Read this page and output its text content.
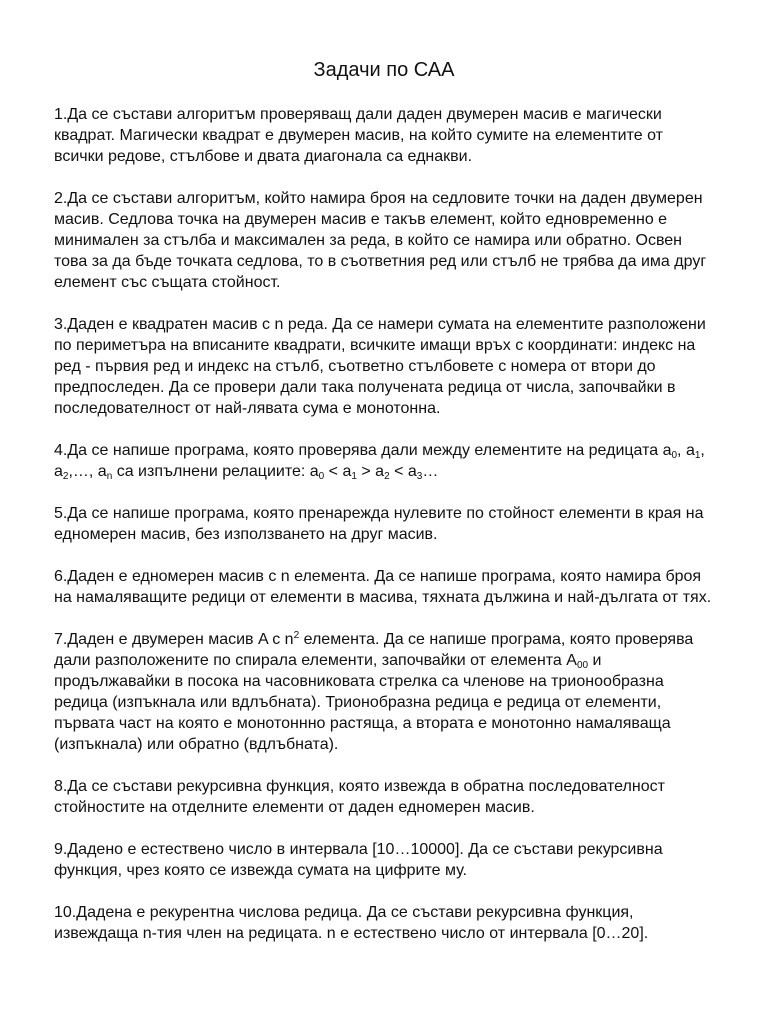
Задачи по САА

1.Да се състави алгоритъм проверяващ дали даден двумерен масив е магически квадрат. Магически квадрат е двумерен масив, на който сумите на елементите от всички редове, стълбове и двата диагонала са еднакви.

2.Да се състави алгоритъм, който намира броя на седловите точки на даден двумерен масив. Седлова точка на двумерен масив е такъв елемент, който едновременно е минимален за стълба и максимален за реда, в който се намира или обратно. Освен това за да бъде точката седлова, то в съответния ред или стълб не трябва да има друг елемент със същата стойност.

3.Даден е квадратен масив с n реда. Да се намери сумата на елементите разположени по периметъра на вписаните квадрати, всичките имащи връх с координати: индекс на ред - първия ред и индекс на стълб, съответно стълбовете с номера от втори до предпоследен. Да се провери дали така получената редица от числа, започвайки в последователност от най-лявата сума е монотонна.

4.Да се напише програма, която проверява дали между елементите на редицата $a_0$, $a_1$, $a_2,\dots$, $a_n$ са изпълнени релациите: $a_0 < a_1 > a_2$ < $a_3\dots$

5.Да се напише програма, която пренарежда нулевите по стойност елементи в края на едномерен масив, без използването на друг масив.

6.Даден е едномерен масив с n елемента. Да се напише програма, която намира броя на намаляващите редици от елементи в масива, тяхната дължина и най-дългата от тях.

7.Даден е двумерен масив A с $n^2$ елемента. Да се напише програма, която проверява дали разположените по спирала елементи, започвайки от елемента $A_{00}$ и продължавайки в посока на часовниковата стрелка са членове на трионообразна редица (изпъкнала или вдлъбната). Трионобразна редица е редица от елементи, първата част на която е монотоннно растяща, а втората е монотонно намаляваща (изпъкнала) или обратно (вдлъбната).

8.Да се състави рекурсивна функция, която извежда в обратна последователност стойностите на отделните елементи от даден едномерен масив.

9.Дадено е естествено число в интервала [10…10000]. Да се състави рекурсивна функция, чрез която се извежда сумата на цифрите му.

10.Дадена е рекурентна числова редица. Да се състави рекурсивна функция, извеждаща n-тия член на редицата. n е естествено число от интервала [0…20].
